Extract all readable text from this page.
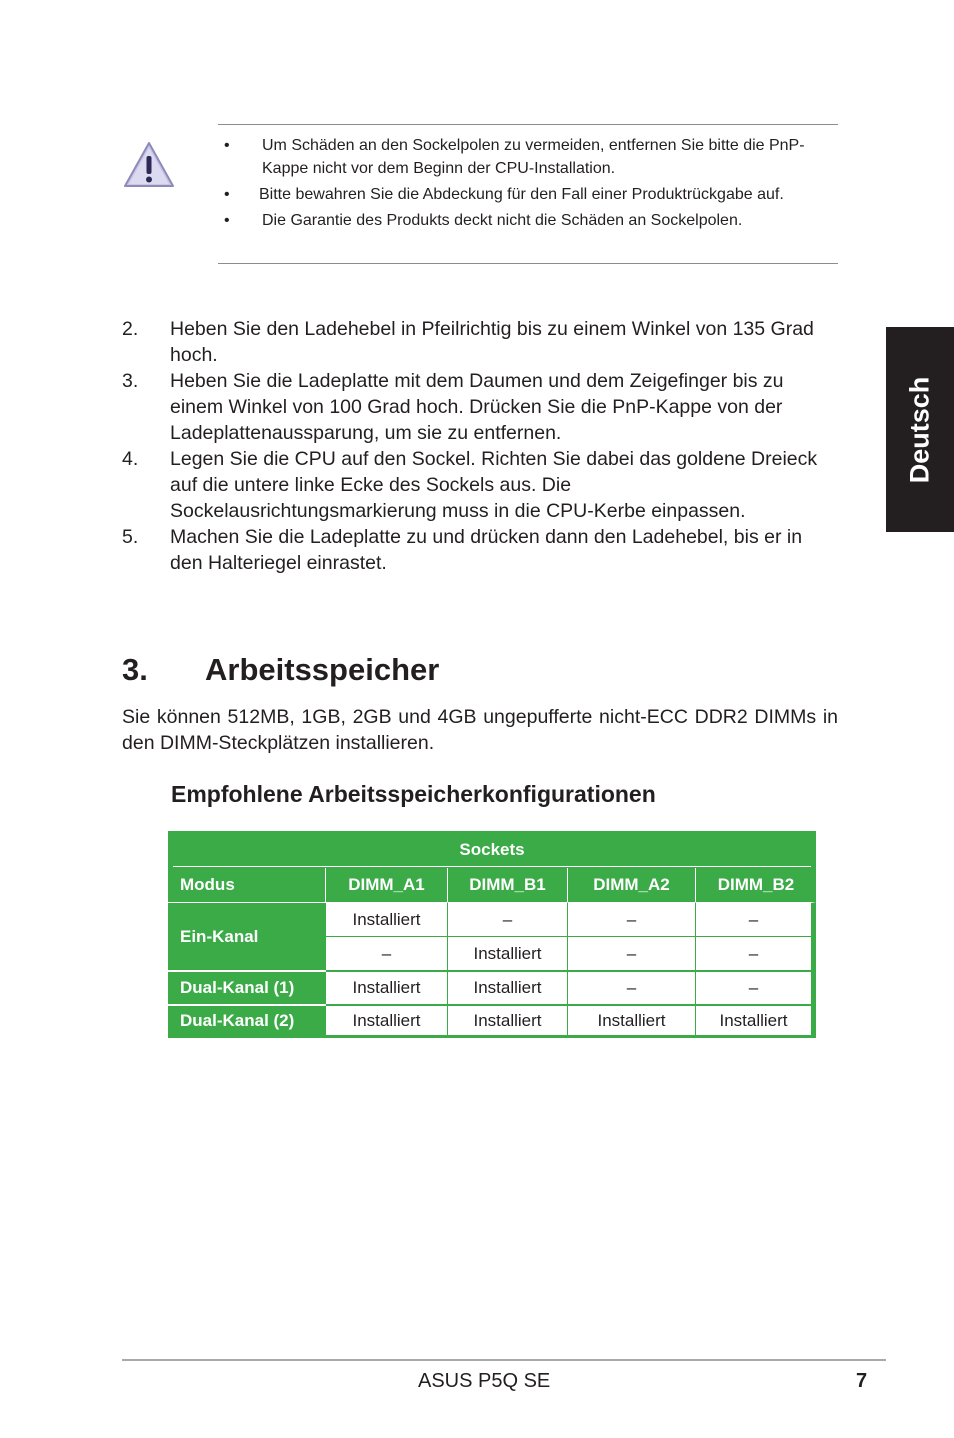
• Um Schäden an den Sockelpolen zu vermeiden, entfernen Sie bitte die PnP-Kappe nicht vor dem Beginn der CPU-Installation.
• Bitte bewahren Sie die Abdeckung für den Fall einer Produktrückgabe auf.
• Die Garantie des Produkts deckt nicht die Schäden an Sockelpolen.
2. Heben Sie den Ladehebel in Pfeilrichtig bis zu einem Winkel von 135 Grad hoch.
3. Heben Sie die Ladeplatte mit dem Daumen und dem Zeigefinger bis zu einem Winkel von 100 Grad hoch. Drücken Sie die PnP-Kappe von der Ladeplattenaussparung, um sie zu entfernen.
4. Legen Sie die CPU auf den Sockel. Richten Sie dabei das goldene Dreieck auf die untere linke Ecke des Sockels aus. Die Sockelausrichtungsmarkierung muss in die CPU-Kerbe einpassen.
5. Machen Sie die Ladeplatte zu und drücken dann den Ladehebel, bis er in den Halteriegel einrastet.
3. Arbeitsspeicher

Sie können 512MB, 1GB, 2GB und 4GB ungepufferte nicht-ECC DDR2 DIMMs in den DIMM-Steckplätzen installieren.

Empfohlene Arbeitsspeicherkonfigurationen
Sockets				

Modus	DIMM_A1	DIMM_B1	DIMM_A2	DIMM_B2
Ein-Kanal	Installiert	–	–	–
	–	Installiert	–	–
Dual-Kanal (1)	Installiert	Installiert	–	–
Dual-Kanal (2)	Installiert	Installiert	Installiert	Installiert
Deutsch
ASUS P5Q SE	7
